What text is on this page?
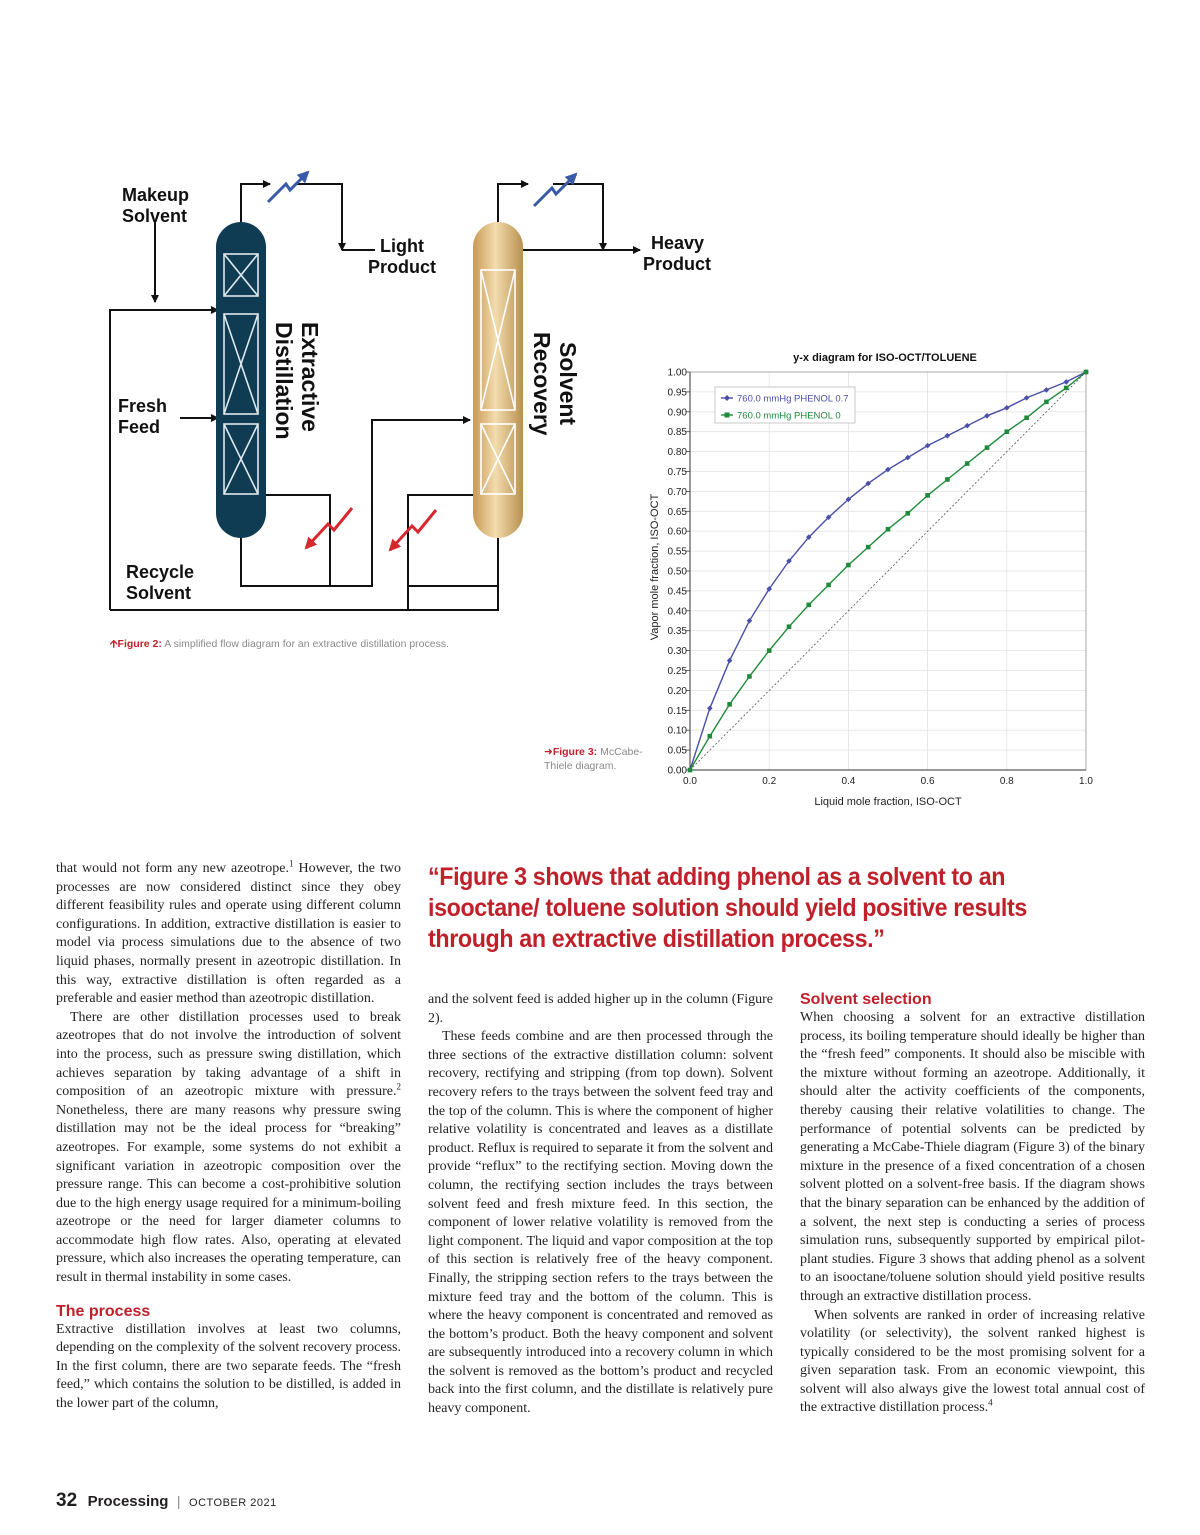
Makeup
Solvent
Light
Product
Heavy
Product
Fresh
Feed
Recycle
Solvent
Extractive
Distillation	Solvent
Recovery
🡩Figure 2: A simplified flow diagram for an extractive distillation process.
➜Figure 3: McCabe-
Thiele diagram.
y-x diagram for ISO-OCT/TOLUENE
0.00
0.05
0.10
0.15
0.20
0.25
0.30
0.35
0.40
0.45
0.50
0.55
0.60
0.65
0.70
0.75
0.80
0.85
0.90
0.95
1.00
0.0	0.2	0.4	0.6	0.8	1.0
Liquid mole fraction, ISO-OCT
Vapor mole fraction, ISO-OCT
760.0 mmHg PHENOL 0.7
760.0 mmHg PHENOL 0
“Figure 3 shows that adding phenol as a solvent to an isooctane/ toluene solution should yield positive results through an extractive distillation process.”

that would not form any new azeotrope.$^1$ However, the two processes are now considered distinct since they obey different feasibility rules and operate using different column configurations. In addition, extractive distillation is easier to model via process simulations due to the absence of two liquid phases, normally present in azeotropic distillation. In this way, extractive distillation is often regarded as a preferable and easier method than azeotropic distillation.

There are other distillation processes used to break azeotropes that do not involve the introduction of solvent into the process, such as pressure swing distillation, which achieves separation by taking advantage of a shift in composition of an azeotropic mixture with pressure.$^2$ Nonetheless, there are many reasons why pressure swing distillation may not be the ideal process for “breaking” azeotropes. For example, some systems do not exhibit a significant variation in azeotropic composition over the pressure range. This can become a cost-prohibitive solution due to the high energy usage required for a minimum-boiling azeotrope or the need for larger diameter columns to accommodate high flow rates. Also, operating at elevated pressure, which also increases the operating temperature, can result in thermal instability in some cases.

The process

Extractive distillation involves at least two columns, depending on the complexity of the solvent recovery process. In the first column, there are two separate feeds. The “fresh feed,” which contains the solution to be distilled, is added in the lower part of the column,

and the solvent feed is added higher up in the column (Figure 2).

These feeds combine and are then processed through the three sections of the extractive distillation column: solvent recovery, rectifying and stripping (from top down). Solvent recovery refers to the trays between the solvent feed tray and the top of the column. This is where the component of higher relative volatility is concentrated and leaves as a distillate product. Reflux is required to separate it from the solvent and provide “reflux” to the rectifying section. Moving down the column, the rectifying section includes the trays between solvent feed and fresh mixture feed. In this section, the component of lower relative volatility is removed from the light component. The liquid and vapor composition at the top of this section is relatively free of the heavy component. Finally, the stripping section refers to the trays between the mixture feed tray and the bottom of the column. This is where the heavy component is concentrated and removed as the bottom’s product. Both the heavy component and solvent are subsequently introduced into a recovery column in which the solvent is removed as the bottom’s product and recycled back into the first column, and the distillate is relatively pure heavy component.

Solvent selection

When choosing a solvent for an extractive distillation process, its boiling temperature should ideally be higher than the “fresh feed” components. It should also be miscible with the mixture without forming an azeotrope. Additionally, it should alter the activity coefficients of the components, thereby causing their relative volatilities to change. The performance of potential solvents can be predicted by generating a McCabe-Thiele diagram (Figure 3) of the binary mixture in the presence of a fixed concentration of a chosen solvent plotted on a solvent-free basis. If the diagram shows that the binary separation can be enhanced by the addition of a solvent, the next step is conducting a series of process simulation runs, subsequently supported by empirical pilot-plant studies. Figure 3 shows that adding phenol as a solvent to an isooctane/toluene solution should yield positive results through an extractive distillation process.

When solvents are ranked in order of increasing relative volatility (or selectivity), the solvent ranked highest is typically considered to be the most promising solvent for a given separation task. From an economic viewpoint, this solvent will also always give the lowest total annual cost of the extractive distillation process.$^4$

32 Processing | OCTOBER 2021
